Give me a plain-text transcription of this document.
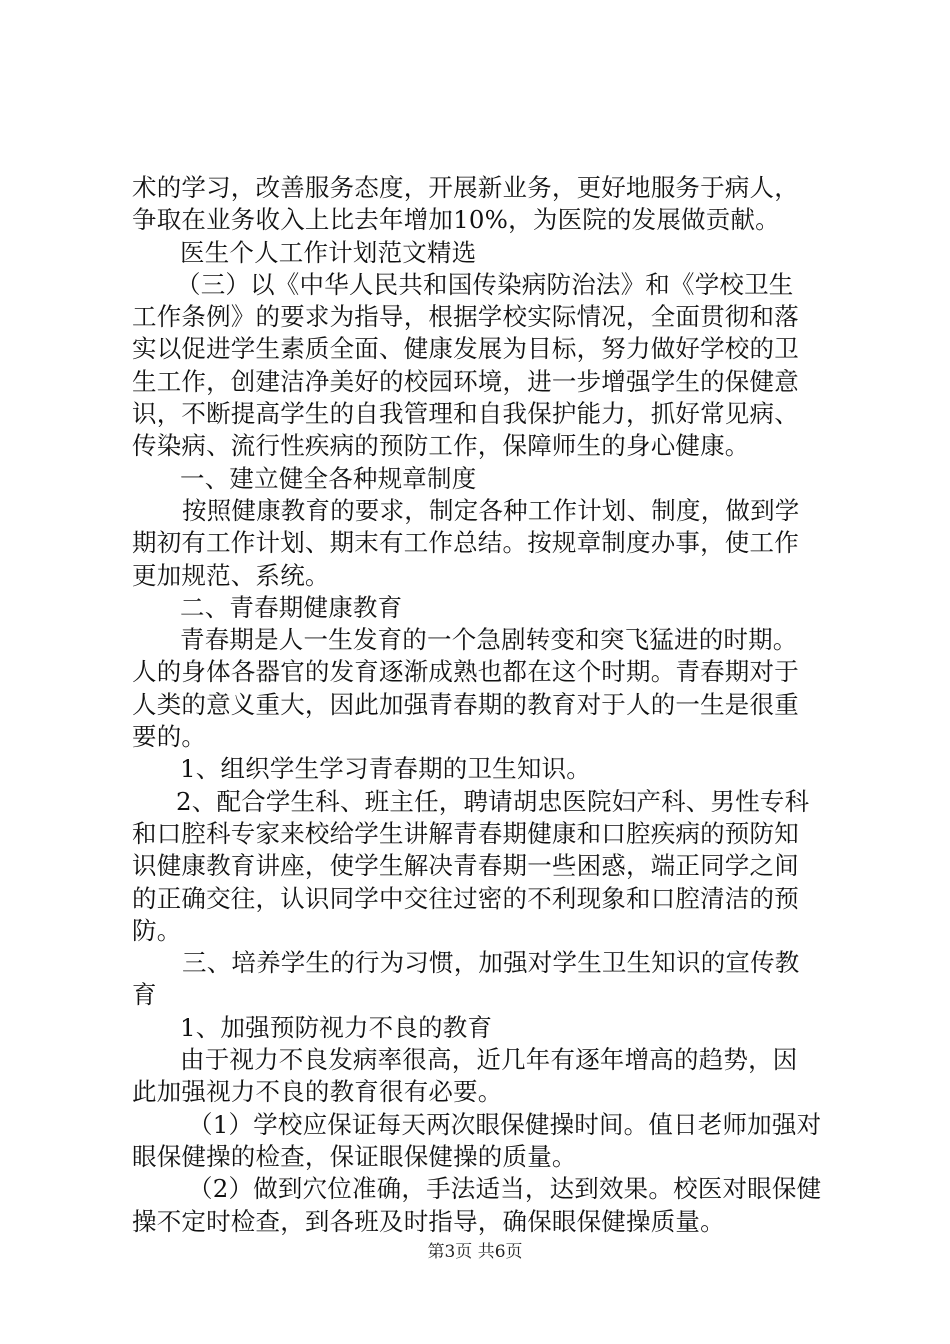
术的学习，改善服务态度，开展新业务，更好地服务于病人，
争取在业务收入上比去年增加10%，为医院的发展做贡献。
医生个人工作计划范文精选
（三）以《中华人民共和国传染病防治法》和《学校卫生
工作条例》的要求为指导，根据学校实际情况，全面贯彻和落
实以促进学生素质全面、健康发展为目标，努力做好学校的卫
生工作，创建洁净美好的校园环境，进一步增强学生的保健意
识，不断提高学生的自我管理和自我保护能力，抓好常见病、
传染病、流行性疾病的预防工作，保障师生的身心健康。
一、建立健全各种规章制度
按照健康教育的要求，制定各种工作计划、制度，做到学
期初有工作计划、期末有工作总结。按规章制度办事，使工作
更加规范、系统。
二、青春期健康教育
青春期是人一生发育的一个急剧转变和突飞猛进的时期。
人的身体各器官的发育逐渐成熟也都在这个时期。青春期对于
人类的意义重大，因此加强青春期的教育对于人的一生是很重
要的。
1、组织学生学习青春期的卫生知识。
2、配合学生科、班主任，聘请胡忠医院妇产科、男性专科
和口腔科专家来校给学生讲解青春期健康和口腔疾病的预防知
识健康教育讲座，使学生解决青春期一些困惑，端正同学之间
的正确交往，认识同学中交往过密的不利现象和口腔清洁的预
防。
三、培养学生的行为习惯，加强对学生卫生知识的宣传教
育
1、加强预防视力不良的教育
由于视力不良发病率很高，近几年有逐年增高的趋势，因
此加强视力不良的教育很有必要。
（1）学校应保证每天两次眼保健操时间。值日老师加强对
眼保健操的检查，保证眼保健操的质量。
（2）做到穴位准确，手法适当，达到效果。校医对眼保健
操不定时检查，到各班及时指导，确保眼保健操质量。
第3页 共6页
